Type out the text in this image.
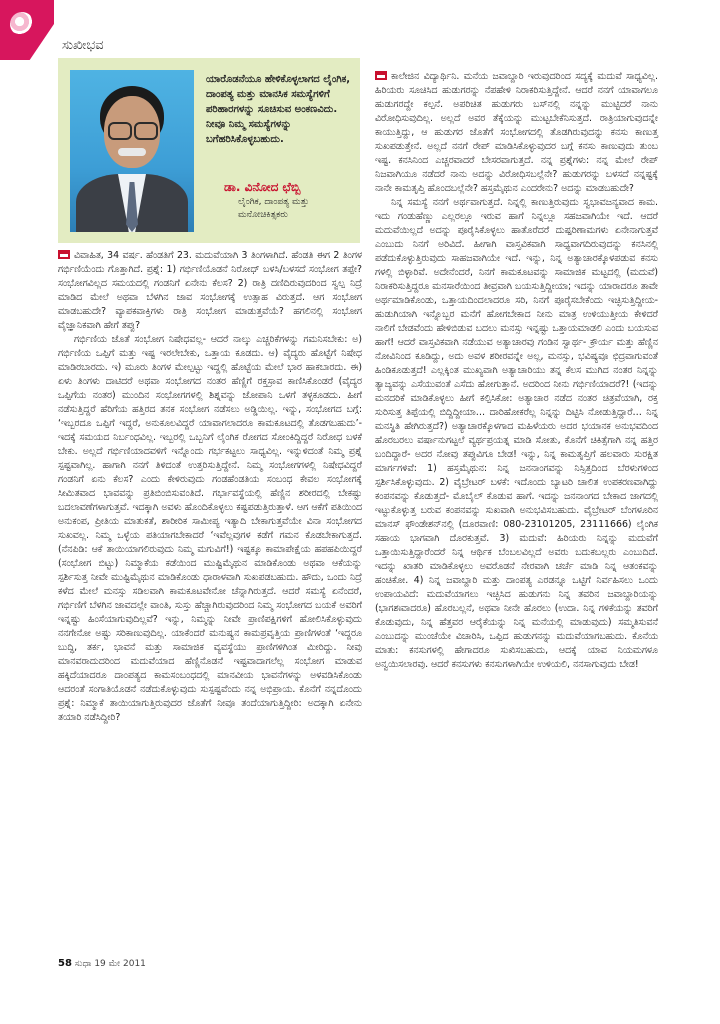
ಸುಖೀಭವ

ಯಾರೊಡನೆಯೂ ಹೇಳಿಕೊಳ್ಳಲಾಗದ ಲೈಂಗಿಕ, ದಾಂಪತ್ಯ ಮತ್ತು ಮಾನಸಿಕ ಸಮಸ್ಯೆಗಳಿಗೆ ಪರಿಹಾರಗಳನ್ನು ಸೂಚಿಸುವ ಅಂಕಣವಿದು. ನೀವೂ ನಿಮ್ಮ ಸಮಸ್ಯೆಗಳನ್ನು ಬಗೆಹರಿಸಿಕೊಳ್ಳಬಹುದು.

ಡಾ. ವಿನೋದ ಛೆಬ್ಬಿ
ಲೈಂಗಿಕ, ದಾಂಪತ್ಯ ಮತ್ತು ಮನೋಚಿಕಿತ್ಸಕರು

ವಿವಾಹಿತ, 34 ವರ್ಷ. ಹೆಂಡತಿಗೆ 23. ಮದುವೆಯಾಗಿ 3 ತಿಂಗಳಾಗಿದೆ. ಹೆಂಡತಿ ಈಗ 2 ತಿಂಗಳ ಗರ್ಭಿಣಿಯೆಂದು ಗೊತ್ತಾಗಿದೆ. ಪ್ರಶ್ನೆ: 1) ಗರ್ಭಿಣಿಯೊಡನೆ ನಿರೋಧ್ ಬಳಸಿ/ಬಳಸದೆ ಸಂಭೋಗ ತಪ್ಪೇ? ಸಂಭೋಗವಿಲ್ಲದ ಸಮಯದಲ್ಲಿ ಗಂಡನಿಗೆ ಏನೇನು ಕೆಲಸ? 2) ರಾತ್ರಿ ದಣಿದಿರುವುದರಿಂದ ಸ್ವಲ್ಪ ನಿದ್ರೆ ಮಾಡಿದ ಮೇಲೆ ಅಥವಾ ಬೆಳಗಿನ ಜಾವ ಸಂಭೋಗಕ್ಕೆ ಉತ್ಸಾಹ ವಿರುತ್ತದೆ. ಆಗ ಸಂಭೋಗ ಮಾಡಬಹುದೇ? ವ್ಯಾಪಕವಾಕ್ತಿಗಳು ರಾತ್ರಿ ಸಂಭೋಗ ಮಾಡುತ್ತವೆಯೆ? ಹಗಲಿನಲ್ಲಿ ಸಂಭೋಗ ವೈಜ್ಞಾನಿಕವಾಗಿ ಹೇಗೆ ತಪ್ಪು?

ಗರ್ಭಿಣಿಯ ಜೊತೆ ಸಂಭೋಗ ನಿಷೇಧವಲ್ಲ- ಆದರೆ ನಾಲ್ಕು ಎಚ್ಚರಿಕೆಗಳನ್ನು ಗಮನಿಸಬೇಕು: ಅ) ಗರ್ಭಿಣಿಯ ಒಪ್ಪಿಗೆ ಮತ್ತು ಇಷ್ಟ ಇರಲೇಬೇಕು, ಒತ್ತಾಯ ಕೂಡದು. ಆ) ವೈದ್ಯರು ಹೊಟ್ಟೆಗೆ ನಿಷೇಧ ಮಾಡಿರಬಾರದು. ಇ) ಮೂರು ತಿಂಗಳ ಮೇಲ್ಪಟ್ಟು ಇದ್ದಲ್ಲಿ ಹೊಟ್ಟೆಯ ಮೇಲೆ ಭಾರ ಹಾಕಬಾರದು. ಈ) ಏಳು ತಿಂಗಳು ದಾಟಿದರೆ ಅಥವಾ ಸಂಭೋಗದ ನಂತರ ಹೆಣ್ಣಿಗೆ ರಕ್ತಸ್ರಾವ ಕಾಣಿಸಿಕೊಂಡರೆ (ವೈದ್ಯರ ಒಪ್ಪಿಗೆಯ ನಂತರ) ಮುಂದಿನ ಸಂಭೋಗಗಳಲ್ಲಿ ಶಿಶ್ನವನ್ನು ಜೋಪಾನಿ ಒಳಗೆ ತಳ್ಳಕೂಡದು. ಹೀಗೆ ನಡೆಸುತ್ತಿದ್ದರೆ ಹೆರಿಗೆಯ ಹತ್ತಿರದ ತನಕ ಸಂಭೋಗ ನಡೆಸಲು ಅಡ್ಡಿಯಿಲ್ಲ. ಇನ್ನು, ಸಂಭೋಗದ ಬಗ್ಗೆ: ‘ಇಬ್ಬರದೂ ಒಪ್ಪಿಗೆ ಇದ್ದರೆ, ಅನುಕೂಲವಿದ್ದರೆ ಯಾವಾಗಲಾದರೂ ಕಾಮಕೂಟದಲ್ಲಿ ತೊಡಗಬಹುದು’- ಇದಕ್ಕೆ ಸಮಯದ ನಿರ್ಬಂಧವಿಲ್ಲ. ಇಬ್ಬರಲ್ಲಿ ಒಬ್ಬನಿಗೆ ಲೈಂಗಿಕ ರೋಗದ ಸೋಂಕಿದ್ದಿದ್ದರೆ ನಿರೋಧ ಬಳಕೆ ಬೇಕು. ಅಲ್ಲದೆ ಗರ್ಭಿಣಿಯಾದವಳಿಗೆ ಇನ್ನೊಂದು ಗರ್ಭಕಟ್ಟಲು ಸಾಧ್ಯವಿಲ್ಲ. ಇನ್ನುಳಿದಂತೆ ನಿಮ್ಮ ಪ್ರಶ್ನೆ ಸ್ಪಷ್ಟವಾಗಿಲ್ಲ. ಹಾಗಾಗಿ ನನಗೆ ತಿಳಿದಂತೆ ಉತ್ತರಿಸುತ್ತಿದ್ದೇನೆ. ನಿಮ್ಮ ಸಂಭೋಗಗಳಲ್ಲಿ ನಿಷೇಧವಿದ್ದರೆ ಗಂಡನಿಗೆ ಏನು ಕೆಲಸ? ಎಂದು ಕೇಳಿರುವುದು ಗಂಡಹೆಂಡತಿಯ ಸಂಬಂಧ ಕೇವಲ ಸಂಭೋಗಕ್ಕೆ ಸೀಮಿತವಾದ ಭಾವವನ್ನು ಪ್ರತಿಬಿಂಬಿಸುವಂತಿದೆ. ಗರ್ಭಾವಸ್ಥೆಯಲ್ಲಿ ಹೆಣ್ಣಿನ ಶರೀರದಲ್ಲಿ ಬೇಕಷ್ಟು ಬದಲಾವಣೆಗಳಾಗುತ್ತವೆ. ಇದಕ್ಕಾಗಿ ಅವಳು ಹೊಂದಿಕೊಳ್ಳಲು ಕಷ್ಟಪಡುತ್ತಿರುತ್ತಾಳೆ. ಆಗ ಆಕೆಗೆ ಪತಿಯಿಂದ ಅನುಕಂಪ, ಪ್ರೀತಿಯ ಮಾತುಕತೆ, ಶಾರೀರಿಕ ಸಾಮೀಪ್ಯ ಇತ್ಯಾದಿ ಬೇಕಾಗುತ್ತವೆಯೇ ವಿನಾ ಸಂಭೋಗದ ಸುಖವಲ್ಲ. ನಿಮ್ಮ ಒಳ್ಳೆಯ ಪತಿಯಾಗಬೇಕಾದರೆ ‘ಇವೆಲ್ಲವುಗಳ ಕಡೆಗೆ ಗಮನ ಕೊಡಬೇಕಾಗುತ್ತದೆ. (ನೆನಪಿಡಿ: ಆಕೆ ತಾಯಿಯಾಗಲಿರುವುದು ನಿಮ್ಮ ಮಗುವಿಗೆ!) ಇಷ್ಟಕ್ಕೂ ಕಾಮಾಪೇಕ್ಷೆಯ ಹಪಹಪಿಯಿದ್ದರೆ (ಸಂಭೋಗ ಬಿಟ್ಟು) ನಿಮ್ಮಾಕೆಯ ಕಡೆಯಿಂದ ಮುಷ್ಟಿಮೈಥುನ ಮಾಡಿಕೊಂಡು ಅಥವಾ ಆಕೆಯನ್ನು ಸ್ಪರ್ಶಿಸುತ್ತ ನೀವೇ ಮುಷ್ಟಿಮೈಥುನ ಮಾಡಿಕೊಂಡು ಧಾರಾಳವಾಗಿ ಸುಖಪಡಬಹುದು. ಹೌದು, ಒಂದು ನಿದ್ರೆ ಕಳೆದ ಮೇಲೆ ಮನಸ್ಸು ಸಡಿಲವಾಗಿ ಕಾಮಕೂಟವೇನೋ ಚೆನ್ನಾಗಿರುತ್ತದೆ. ಆದರೆ ಸಮಸ್ಯೆ ಏನೆಂದರೆ, ಗರ್ಭಿಣಿಗೆ ಬೆಳಗಿನ ಜಾವದಲ್ಲೇ ವಾಂತಿ, ಸುಸ್ತು ಹೆಚ್ಚಾಗಿರುವುದರಿಂದ ನಿಮ್ಮ ಸಂಭೋಗದ ಬಯಕೆ ಅವರಿಗೆ ಇನ್ನಷ್ಟು ಹಿಂಸೆಯಾಗುವುದಿಲ್ಲವೆ? ಇನ್ನು, ನಿಮ್ಮನ್ನು ನೀವೇ ಪ್ರಾಣಿಪಕ್ಷಿಗಳಿಗೆ ಹೋಲಿಸಿಕೊಳ್ಳುವುದು ನನಗೇನೋ ಅಷ್ಟು ಸರಿಕಾಣುವುದಿಲ್ಲ. ಯಾಕೆಂದರೆ ಮನುಷ್ಯನ ಕಾಮಪ್ರವೃತ್ತಿಯ ಪ್ರಾಣಿಗಳಂತೆ ‘ಇದ್ದರೂ ಬುದ್ಧಿ, ತರ್ಕ, ಭಾವನೆ ಮತ್ತು ಸಾಮಾಜಿಕ ವ್ಯವಸ್ಥೆಯು ಪ್ರಾಣಿಗಳಿಗಿಂತ ಮೀರಿದ್ದು. ನೀವು ಮಾನವರಾದುದರಿಂದ ಮದುವೆಯಾದ ಹೆಣ್ಣಿನೊಡನೆ ಇಷ್ಟವಾದಾಗಲೆಲ್ಲ ಸಂಭೋಗ ಮಾಡುವ ಹಕ್ಕಿದೆಯಾದರೂ ದಾಂಪತ್ಯದ ಕಾಮಸಂಬಂಧದಲ್ಲಿ ಮಾನವೀಯ ಭಾವನೆಗಳನ್ನು ಅಳವಡಿಸಿಕೊಂಡು ಆದರಂತೆ ಸಂಗಾತಿಯೊಡನೆ ನಡೆದುಕೊಳ್ಳುವುದು ಸುಸ್ಪಷ್ಟವೆಂದು ನನ್ನ ಅಭಿಪ್ರಾಯ. ಕೊನೆಗೆ ನನ್ನದೊಂದು ಪ್ರಶ್ನೆ: ನಿಮ್ಮಾಕೆ ತಾಯಿಯಾಗುತ್ತಿರುವುದರ ಜೊತೆಗೆ ನೀವೂ ತಂದೆಯಾಗುತ್ತಿದ್ದೀರಿ: ಅದಕ್ಕಾಗಿ ಏನೇನು ತಯಾರಿ ನಡೆಸಿದ್ದೀರಿ?

ಕಾಲೇಜಿನ ವಿದ್ಯಾರ್ಥಿನಿ. ಮನೆಯ ಜವಾಬ್ದಾರಿ ಇರುವುದರಿಂದ ಸದ್ಯಕ್ಕೆ ಮದುವೆ ಸಾಧ್ಯವಿಲ್ಲ. ಹಿರಿಯರು ಸೂಚಿಸಿದ ಹುಡುಗರನ್ನು ನೆಪಹೇಳಿ ನಿರಾಕರಿಸುತ್ತಿದ್ದೇನೆ. ಆದರೆ ನನಗೆ ಯಾವಾಗಲೂ ಹುಡುಗರದ್ದೇ ಕಲ್ಪನೆ. ಅಪರಿಚಿತ ಹುಡುಗರು ಬಸ್‌ನಲ್ಲಿ ನನ್ನನ್ನು ಮುಟ್ಟಿದರೆ ನಾನು ವಿರೋಧಿಸುವುದಿಲ್ಲ. ಅಲ್ಲದೆ ಅವರ ತೆಕ್ಕೆಯನ್ನು ಮುಟ್ಟಬೇಕೆನಿಸುತ್ತದೆ. ರಾತ್ರಿಯಾಗುವುದನ್ನೇ ಕಾಯುತ್ತಿದ್ದು, ಆ ಹುಡುಗರ ಜೊತೆಗೆ ಸಂಭೋಗದಲ್ಲಿ ತೊಡಗಿರುವುದನ್ನು ಕನಸು ಕಾಣುತ್ತ ಸುಖಪಡುತ್ತೇನೆ. ಅಲ್ಲದೆ ನನಗೆ ರೇಪ್ ಮಾಡಿಸಿಕೊಳ್ಳುವುದರ ಬಗ್ಗೆ ಕನಸು ಕಾಣುವುದು ತುಂಬ ಇಷ್ಟ. ಕನಸಿನಿಂದ ಎಚ್ಚರವಾದರೆ ಬೇಸರವಾಗುತ್ತದೆ. ನನ್ನ ಪ್ರಶ್ನೆಗಳು: ನನ್ನ ಮೇಲೆ ರೇಪ್ ನಿಜವಾಗಿಯೂ ನಡೆದರೆ ನಾನು ಅದನ್ನು ವಿರೋಧಿಸಬಲ್ಲೆನೇ? ಹುಡುಗರನ್ನು ಬಳಸದೆ ನನ್ನಷ್ಟಕ್ಕೆ ನಾನೇ ಕಾಮತೃಪ್ತಿ ಹೊಂದಬಲ್ಲೆನೇ? ಹಸ್ತಮೈಥುನ ಎಂದರೇನು? ಅದನ್ನು ಮಾಡಬಹುದೇ?

ನಿನ್ನ ಸಮಸ್ಯೆ ನನಗೆ ಅರ್ಥವಾಗುತ್ತದೆ. ನಿನ್ನಲ್ಲಿ ಕಾಣುತ್ತಿರುವುದು ಸ್ವಭಾವಜನ್ಯವಾದ ಕಾಮ. ಇದು ಗಂಡುಹೆಣ್ಣು ಎಲ್ಲರಲ್ಲೂ ಇರುವ ಹಾಗೆ ನಿನ್ನಲ್ಲೂ ಸಹಜವಾಗಿಯೇ ಇದೆ. ಆದರೆ ಮದುವೆಯಿಲ್ಲದೆ ಅದನ್ನು ಪೂರೈಸಿಕೊಳ್ಳಲು ಹಾತೊರೆದರೆ ದುಷ್ಪರಿಣಾಮಗಳು ಏನೇನಾಗುತ್ತವೆ ಎಂಬುದು ನಿನಗೆ ಅರಿವಿದೆ. ಹೀಗಾಗಿ ವಾಸ್ತವಿಕವಾಗಿ ಸಾಧ್ಯವಾಗದಿರುವುದನ್ನು ಕನಸಿನಲ್ಲಿ ಪಡೆದುಕೊಳ್ಳುತ್ತಿರುವುದು ಸಾಹಜವಾಗಿಯೇ ಇದೆ. ಇನ್ನು, ನಿನ್ನ ಅತ್ಯಾಚಾರಕ್ಕೊಳಪಡುವ ಕನಸು ಗಳಲ್ಲಿ ಬಿಳ್ಳಾರಿವೆ. ಅದೇನೆಂದರೆ, ನಿನಗೆ ಕಾಮಕೂಟವನ್ನು ಸಾಮಾಜಿಕ ಮಟ್ಟದಲ್ಲಿ (ಮದುವೆ) ನಿರಾಕರಿಸುತ್ತಿದ್ದರೂ ಮನಸಾರೆಯಿಂದ ತೀವ್ರವಾಗಿ ಬಯಸುತ್ತಿದ್ದೀಯಾ; ಇದನ್ನು ಯಾರಾದರೂ ತಾವೇ ಅರ್ಥಮಾಡಿಕೊಂಡು, ಒತ್ತಾಯದಿಂದಲಾದರೂ ಸರಿ, ನಿನಗೆ ಪೂರೈಸಬೇಕೆಂದು ಇಚ್ಛಿಸುತ್ತಿದ್ದೀಯ- ಹುಡುಗಿಯಾಗಿ ಇನ್ನೊಬ್ಬರ ಮನೆಗೆ ಹೋಗಬೇಕಾದ ನೀನು ಮಾತ್ರ ಉಳಿಯುತ್ತೀಯ ಕೇಳಿದರೆ ನಾಲಿಗೆ ಬೇಡವೆಂದು ಹೇಳಿಬಿಡುವ ಬದಲು ಮನಸ್ಸು ಇನ್ನಷ್ಟು ಒತ್ತಾಯಮಾಡಲಿ ಎಂದು ಬಯಸುವ ಹಾಗೆ! ಆದರೆ ವಾಸ್ತವಿಕವಾಗಿ ನಡೆಯುವ ಅತ್ಯಾಚಾರವು ಗಂಡಿನ ಸ್ವಾರ್ಥ- ಕ್ರೌರ್ಯ ಮತ್ತು ಹೆಣ್ಣಿನ ನೋವಿನಿಂದ ಕೂಡಿದ್ದು, ಅದು ಅವಳ ಶರೀರವನ್ನೇ ಅಲ್ಲ, ಮನಸ್ಸು, ಭವಿಷ್ಯವೂ ಛಿದ್ರವಾಗುವಂತೆ ಹಿಂಡಿಕೂಡುತ್ತದೆ! ಎಲ್ಲಕ್ಕಿಂತ ಮುಖ್ಯವಾಗಿ ಅತ್ಯಾಚಾರಿಯು ತನ್ನ ಕೆಲಸ ಮುಗಿದ ನಂತರ ನಿನ್ನನ್ನು ತ್ಯಾಜ್ಯವನ್ನು ಎಸೆಯುವಂತೆ ಎಸೆದು ಹೋಗುತ್ತಾನೆ. ಅದರಿಂದ ನೀನು ಗರ್ಭಿಣಿಯಾದರೆ?! (ಇದನ್ನು ಮನದರಿಕೆ ಮಾಡಿಕೊಳ್ಳಲು ಹೀಗೆ ಕಲ್ಪಿಸಿಕೋ: ಅತ್ಯಾಚಾರ ನಡೆದ ನಂತರ ಚಿತ್ರವೆಯಾಗಿ, ರಕ್ತ ಸುರಿಸುತ್ತ ತಿಪ್ಪೆಯಲ್ಲಿ ಬಿದ್ದಿದ್ದೀಯಾ… ದಾರಿಹೋಕರೆಲ್ಲ ನಿನ್ನನ್ನು ದಿಟ್ಟಿಸಿ ನೋಡುತ್ತಿದ್ದಾರೆ… ನಿನ್ನ ಮನಸ್ಥಿತಿ ಹೇಗಿರುತ್ತದೆ?) ಅತ್ಯಾಚಾರಕ್ಕೊಳಗಾದ ಮಹಿಳೆಯರು ಅದರ ಭಯಾನಕ ಅನುಭವದಿಂದ ಹೊರಬರಲು ವರ್ಷಾನುಗಟ್ಟಲೆ ವ್ಯರ್ಥಪ್ರಯತ್ನ ಮಾಡಿ ಸೋತು, ಕೊನೆಗೆ ಚಿಕಿತ್ಸೆಗಾಗಿ ನನ್ನ ಹತ್ತಿರ ಬಂದಿದ್ದಾರೆ- ಅದರ ನೋವು ತಪ್ಪುವಿಗೂ ಬೇಡ! ಇನ್ನು, ನಿನ್ನ ಕಾಮತೃಪ್ತಿಗೆ ಹಲವಾರು ಸುರಕ್ಷಿತ ಮಾರ್ಗಗಳಿವೆ: 1) ಹಸ್ತಮೈಥುನ: ನಿನ್ನ ಜನನಾಂಗವನ್ನು ನಿಸ್ಸಿತ್ತದಿಂದ ಬೆರಳುಗಳಿಂದ ಸ್ಪರ್ಶಿಸಿಕೊಳ್ಳುವುದು. 2) ವೈಬ್ರೇಟರ್ ಬಳಕೆ: ಇದೊಂದು ಬ್ಯಾಟರಿ ಚಾಲಿತ ಉಪಕರಣವಾಗಿದ್ದು ಕಂಪನವನ್ನು ಕೊಡುತ್ತದೆ- ಮೊಬೈಲ್ ಕೊಡುವ ಹಾಗೆ. ಇದನ್ನು ಜನನಾಂಗದ ಬೇಕಾದ ಜಾಗದಲ್ಲಿ ಇಟ್ಟುಕೊಳ್ಳುತ್ತ ಬರುವ ಕಂಪನವನ್ನು ಸುಖವಾಗಿ ಅನುಭವಿಸಬಹುದು. ವೈಬ್ರೇಟರ್ ಬೆಂಗಳೂರಿನ ಮಾನಸ್ ಫೌಂಡೇಶನ್‌ನಲ್ಲಿ (ದೂರವಾಣಿ: 080-23101205, 23111666) ಲೈಂಗಿಕ ಸಹಾಯ ಭಾಗವಾಗಿ ದೊರಕುತ್ತವೆ. 3) ಮದುವೆ: ಹಿರಿಯರು ನಿನ್ನನ್ನು ಮದುವೆಗೆ ಒತ್ತಾಯಿಸುತ್ತಿದ್ದಾರೆಂದರೆ ನಿನ್ನ ಆರ್ಥಿಕ ಬೆಂಬಲವಿಲ್ಲದೆ ಅವರು ಬದುಕಬಲ್ಲರು ಎಂಬುದಿದೆ. ಇದನ್ನು ಖಾತರಿ ಮಾಡಿಕೊಳ್ಳಲು ಅವರೊಡನೆ ನೇರವಾಗಿ ಚರ್ಚೆ ಮಾಡಿ ನಿನ್ನ ಆತಂಕವನ್ನು ಹಂಚಿಕೋ. 4) ನಿನ್ನ ಜವಾಬ್ದಾರಿ ಮತ್ತು ದಾಂಪತ್ಯ ಎರಡನ್ನೂ ಒಟ್ಟಿಗೆ ನಿರ್ವಹಿಸಲು ಒಂದು ಉಪಾಯವಿದೆ: ಮದುವೆಯಾಗಲು ಇಚ್ಛಿಸಿದ ಹುಡುಗನು ನಿನ್ನ ತವರಿನ ಜವಾಬ್ದಾರಿಯನ್ನು (ಭಾಗಶಃವಾದರೂ) ಹೊರಬಲ್ಲನೆ, ಅಥವಾ ನೀನೇ ಹೊರಲು (ಉದಾ. ನಿನ್ನ ಗಳಿಕೆಯನ್ನು ತವರಿಗೆ ಕೊಡುವುದು, ನಿನ್ನ ಹೆತ್ತವರ ಆರೈಕೆಯನ್ನು ನಿನ್ನ ಮನೆಯಲ್ಲಿ ಮಾಡುವುದು) ಸಮ್ಮತಿಸುವನೆ ಎಂಬುದನ್ನು ಮುಂಚೆಯೇ ವಿಚಾರಿಸಿ, ಒಪ್ಪಿದ ಹುಡುಗನನ್ನು ಮದುವೆಯಾಗಬಹುದು. ಕೊನೆಯ ಮಾತು: ಕನಸುಗಳಲ್ಲಿ ಹೇಗಾದರೂ ಸುಖಿಸಬಹುದು, ಆದಕ್ಕೆ ಯಾವ ನಿಯಮಗಳೂ ಅನ್ವಯಿಸಲಾರವು. ಆದರೆ ಕನಸುಗಳು ಕನಸುಗಳಾಗಿಯೇ ಉಳಿಯಲಿ, ನನಸಾಗುವುದು ಬೇಡ!

58 ಸುಧಾ 19 ಮೇ 2011
